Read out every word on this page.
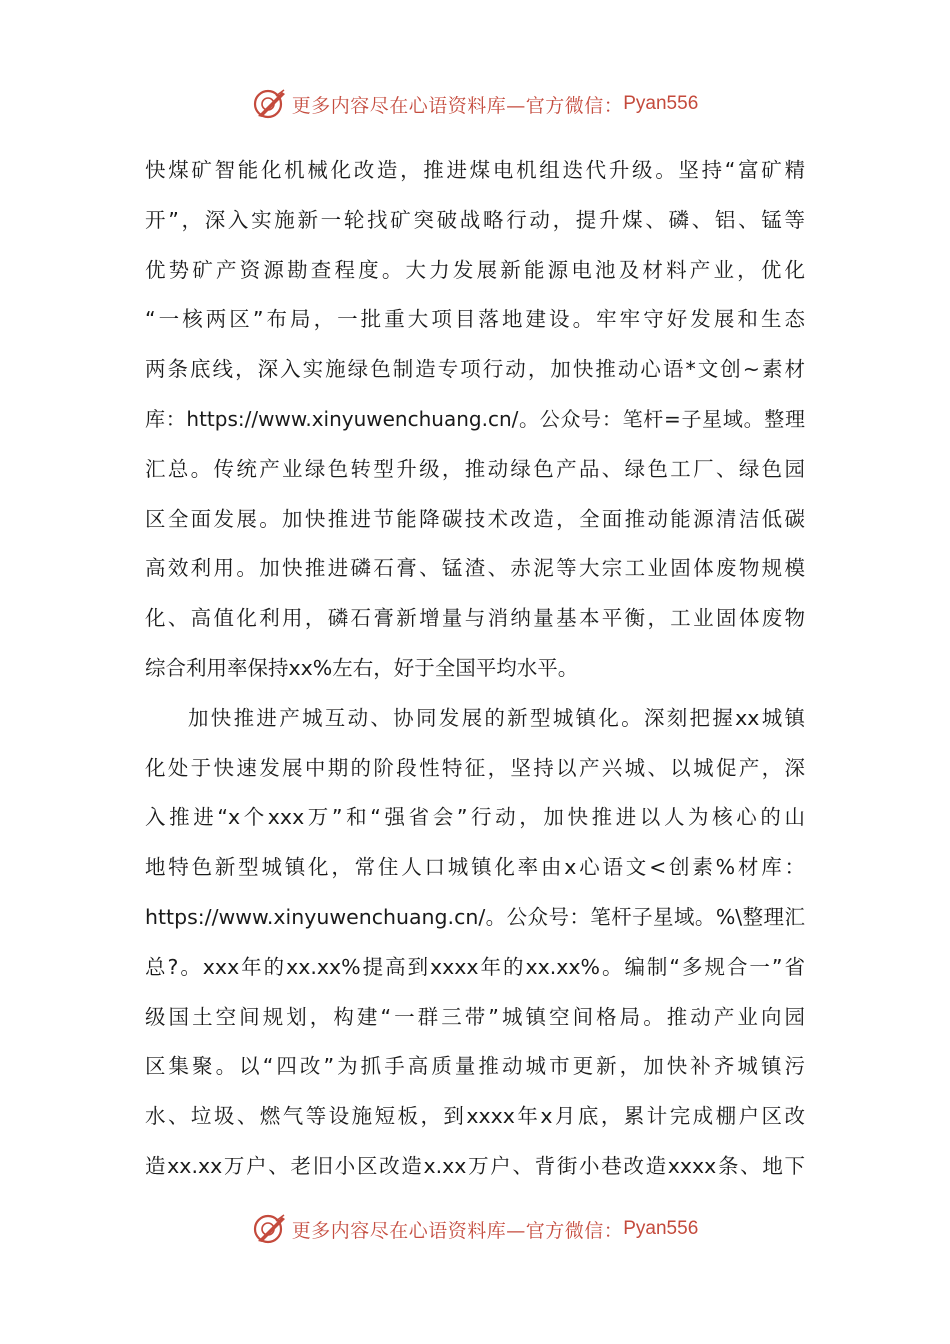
更多内容尽在心语资料库—官方微信： Pyan556
快煤矿智能化机械化改造，推进煤电机组迭代升级。坚持“富矿精
开”，深入实施新一轮找矿突破战略行动，提升煤、磷、铝、锰等
优势矿产资源勘查程度。大力发展新能源电池及材料产业，优化
“一核两区”布局，一批重大项目落地建设。牢牢守好发展和生态
两条底线，深入实施绿色制造专项行动，加快推动心语*文创~素材
库：https://www.xinyuwenchuang.cn/。公众号：笔杆=子星域。整理
汇总。传统产业绿色转型升级，推动绿色产品、绿色工厂、绿色园
区全面发展。加快推进节能降碳技术改造，全面推动能源清洁低碳
高效利用。加快推进磷石膏、锰渣、赤泥等大宗工业固体废物规模
化、高值化利用，磷石膏新增量与消纳量基本平衡，工业固体废物
综合利用率保持xx%左右，好于全国平均水平。
加快推进产城互动、协同发展的新型城镇化。深刻把握xx城镇
化处于快速发展中期的阶段性特征，坚持以产兴城、以城促产，深
入推进“x个xxx万”和“强省会”行动，加快推进以人为核心的山
地特色新型城镇化，常住人口城镇化率由x心语文<创素%材库：
https://www.xinyuwenchuang.cn/。公众号：笔杆子星域。%\整理汇
总?。xxx年的xx.xx%提高到xxxx年的xx.xx%。编制“多规合一”省
级国土空间规划，构建“一群三带”城镇空间格局。推动产业向园
区集聚。以“四改”为抓手高质量推动城市更新，加快补齐城镇污
水、垃圾、燃气等设施短板，到xxxx年x月底，累计完成棚户区改
造xx.xx万户、老旧小区改造x.xx万户、背街小巷改造xxxx条、地下
更多内容尽在心语资料库—官方微信： Pyan556
